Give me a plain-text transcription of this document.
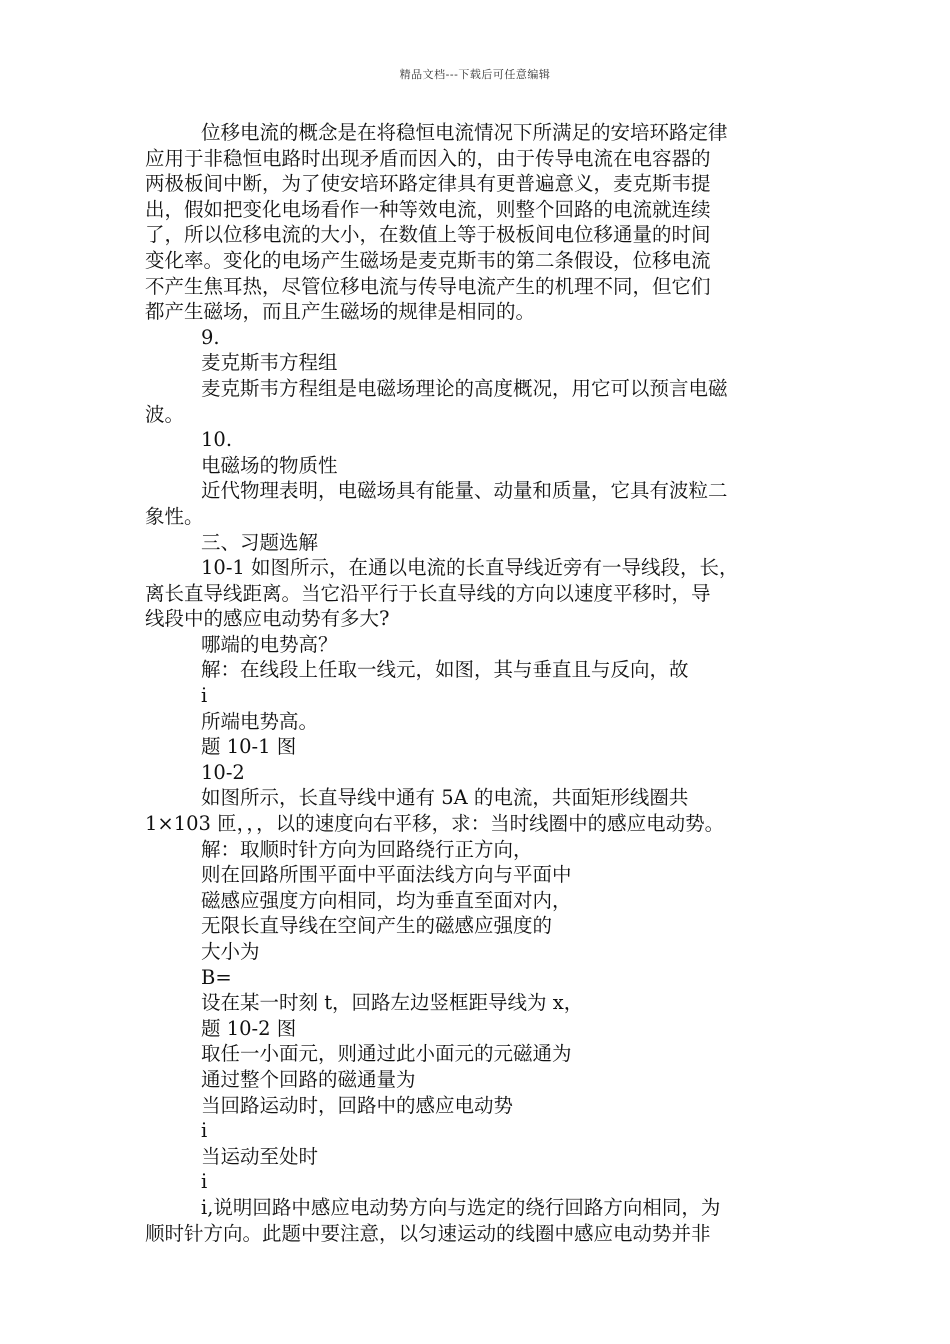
精品文档---下载后可任意编辑
位移电流的概念是在将稳恒电流情况下所满足的安培环路定律
应用于非稳恒电路时出现矛盾而因入的，由于传导电流在电容器的
两极板间中断，为了使安培环路定律具有更普遍意义，麦克斯韦提
出，假如把变化电场看作一种等效电流，则整个回路的电流就连续
了，所以位移电流的大小，在数值上等于极板间电位移通量的时间
变化率。变化的电场产生磁场是麦克斯韦的第二条假设，位移电流
不产生焦耳热，尽管位移电流与传导电流产生的机理不同，但它们
都产生磁场，而且产生磁场的规律是相同的。
9.
麦克斯韦方程组
麦克斯韦方程组是电磁场理论的高度概况，用它可以预言电磁
波。
10.
电磁场的物质性
近代物理表明，电磁场具有能量、动量和质量，它具有波粒二
象性。
三、习题选解
10-1 如图所示，在通以电流的长直导线近旁有一导线段，长，
离长直导线距离。当它沿平行于长直导线的方向以速度平移时，导
线段中的感应电动势有多大?
哪端的电势高？
解：在线段上任取一线元，如图，其与垂直且与反向，故
i
所端电势高。
题 10-1 图
10-2
如图所示，长直导线中通有 5A 的电流，共面矩形线圈共
1×103 匝，，，以的速度向右平移，求：当时线圈中的感应电动势。
解：取顺时针方向为回路绕行正方向，
则在回路所围平面中平面法线方向与平面中
磁感应强度方向相同，均为垂直至面对内，
无限长直导线在空间产生的磁感应强度的
大小为
B=
设在某一时刻 t，回路左边竖框距导线为 x，
题 10-2 图
取任一小面元，则通过此小面元的元磁通为
通过整个回路的磁通量为
当回路运动时，回路中的感应电动势
i
当运动至处时
i
i,说明回路中感应电动势方向与选定的绕行回路方向相同，为
顺时针方向。此题中要注意，以匀速运动的线圈中感应电动势并非
